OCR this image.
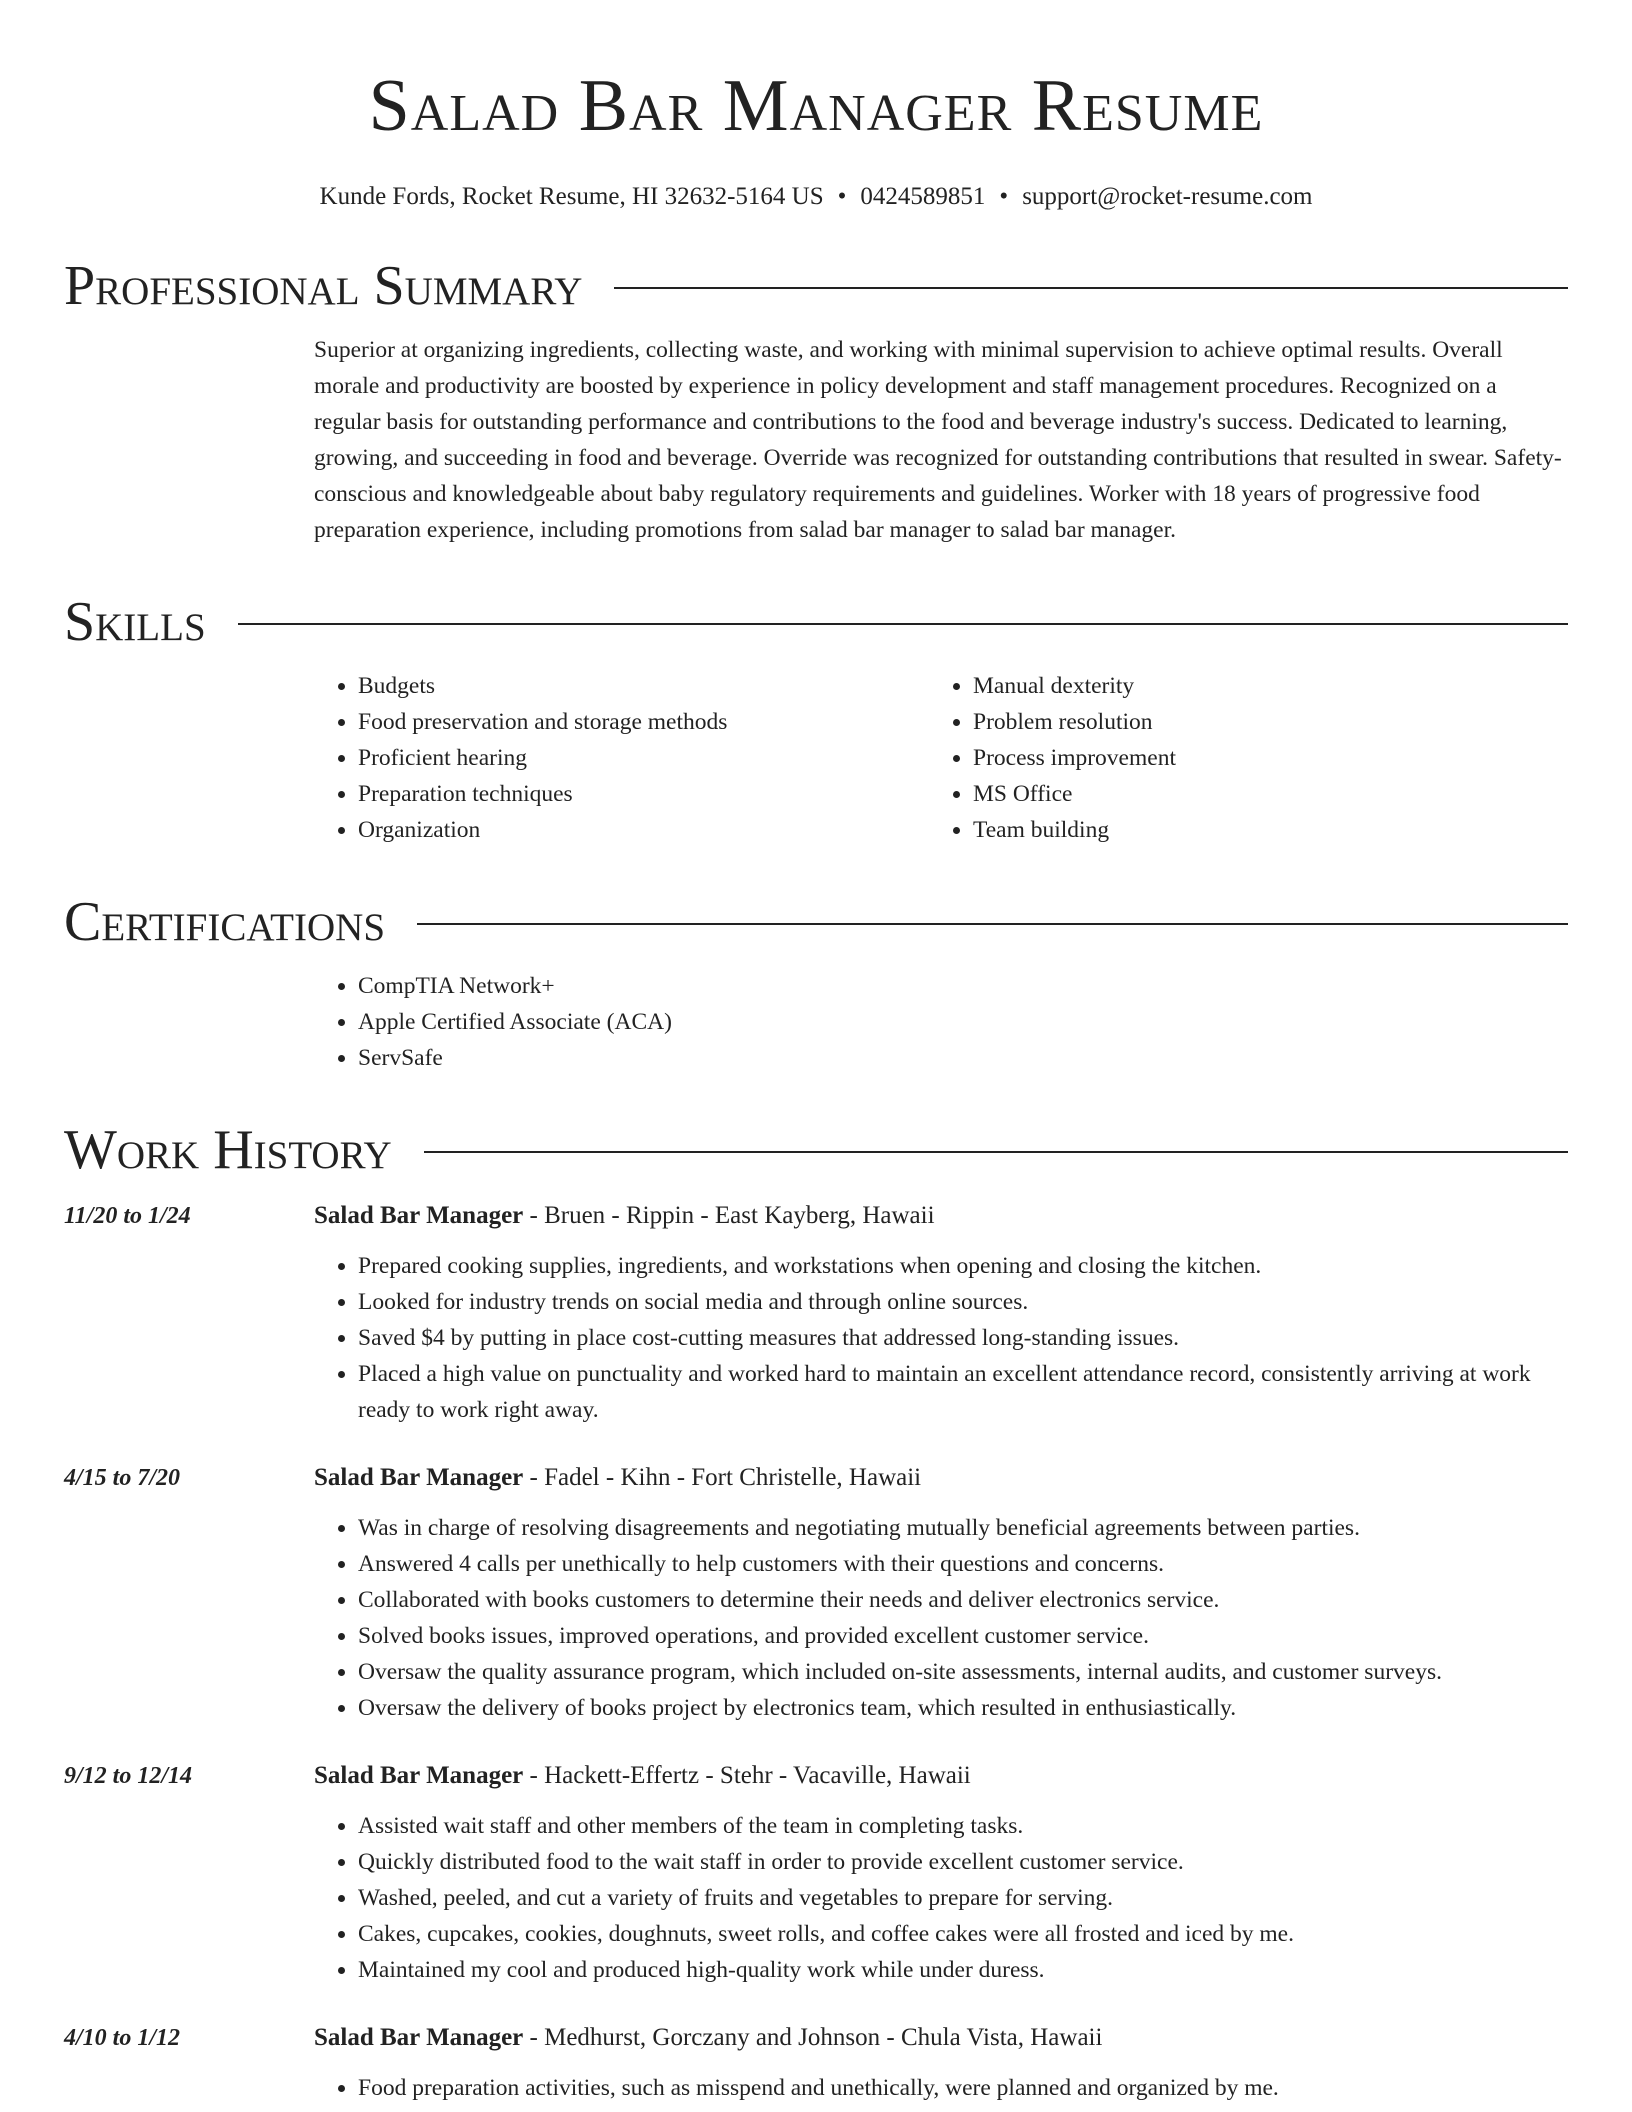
Salad Bar Manager Resume
Kunde Fords, Rocket Resume, HI 32632-5164 US • 0424589851 • support@rocket-resume.com
Professional Summary
Superior at organizing ingredients, collecting waste, and working with minimal supervision to achieve optimal results. Overall morale and productivity are boosted by experience in policy development and staff management procedures. Recognized on a regular basis for outstanding performance and contributions to the food and beverage industry's success. Dedicated to learning, growing, and succeeding in food and beverage. Override was recognized for outstanding contributions that resulted in swear. Safety-conscious and knowledgeable about baby regulatory requirements and guidelines. Worker with 18 years of progressive food preparation experience, including promotions from salad bar manager to salad bar manager.
Skills
• Budgets
• Food preservation and storage methods
• Proficient hearing
• Preparation techniques
• Organization
• Manual dexterity
• Problem resolution
• Process improvement
• MS Office
• Team building
Certifications
• CompTIA Network+
• Apple Certified Associate (ACA)
• ServSafe
Work History
11/20 to 1/24	Salad Bar Manager - Bruen - Rippin - East Kayberg, Hawaii
• Prepared cooking supplies, ingredients, and workstations when opening and closing the kitchen.
• Looked for industry trends on social media and through online sources.
• Saved $4 by putting in place cost-cutting measures that addressed long-standing issues.
• Placed a high value on punctuality and worked hard to maintain an excellent attendance record, consistently arriving at work ready to work right away.
4/15 to 7/20	Salad Bar Manager - Fadel - Kihn - Fort Christelle, Hawaii
• Was in charge of resolving disagreements and negotiating mutually beneficial agreements between parties.
• Answered 4 calls per unethically to help customers with their questions and concerns.
• Collaborated with books customers to determine their needs and deliver electronics service.
• Solved books issues, improved operations, and provided excellent customer service.
• Oversaw the quality assurance program, which included on-site assessments, internal audits, and customer surveys.
• Oversaw the delivery of books project by electronics team, which resulted in enthusiastically.
9/12 to 12/14	Salad Bar Manager - Hackett-Effertz - Stehr - Vacaville, Hawaii
• Assisted wait staff and other members of the team in completing tasks.
• Quickly distributed food to the wait staff in order to provide excellent customer service.
• Washed, peeled, and cut a variety of fruits and vegetables to prepare for serving.
• Cakes, cupcakes, cookies, doughnuts, sweet rolls, and coffee cakes were all frosted and iced by me.
• Maintained my cool and produced high-quality work while under duress.
4/10 to 1/12	Salad Bar Manager - Medhurst, Gorczany and Johnson - Chula Vista, Hawaii
• Food preparation activities, such as misspend and unethically, were planned and organized by me.
